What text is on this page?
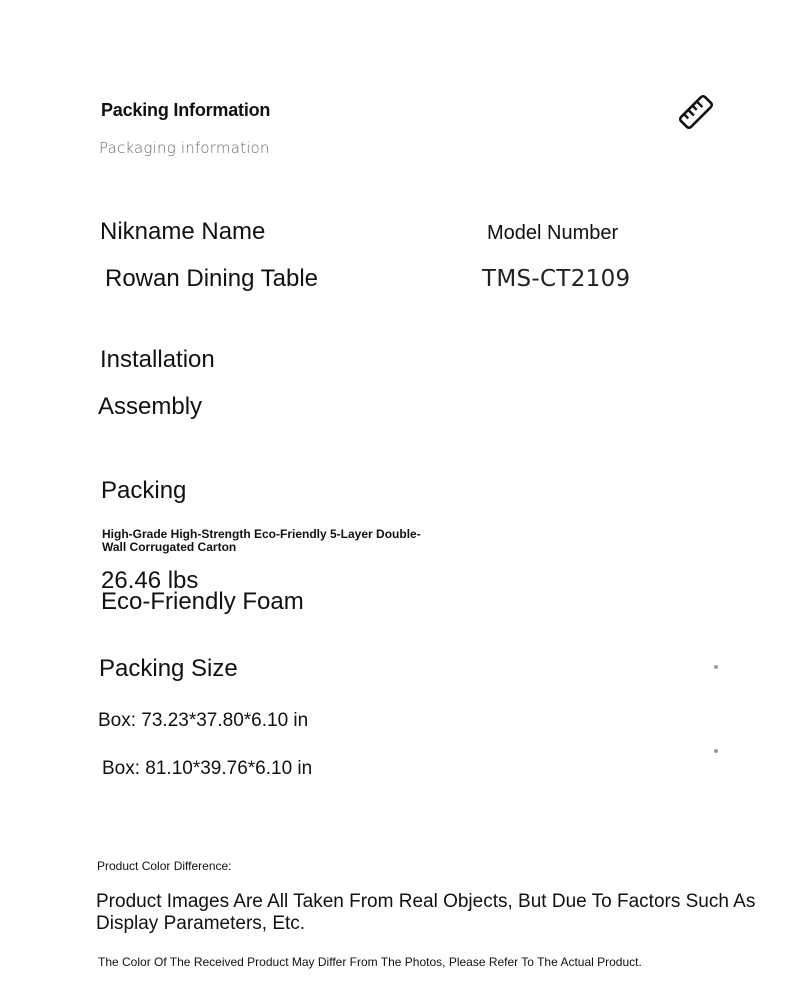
Packing Information
Packaging information
Nikname Name
Rowan Dining Table
Model Number
TMS-CT2109
Installation
Assembly
Packing
High-Grade High-Strength Eco-Friendly 5-Layer Double-Wall Corrugated Carton
26.46 lbs
Eco-Friendly Foam
Packing Size
Box: 73.23*37.80*6.10 in
Box: 81.10*39.76*6.10 in
Product Color Difference:
Product Images Are All Taken From Real Objects, But Due To Factors Such As Display Parameters, Etc.
The Color Of The Received Product May Differ From The Photos, Please Refer To The Actual Product.
